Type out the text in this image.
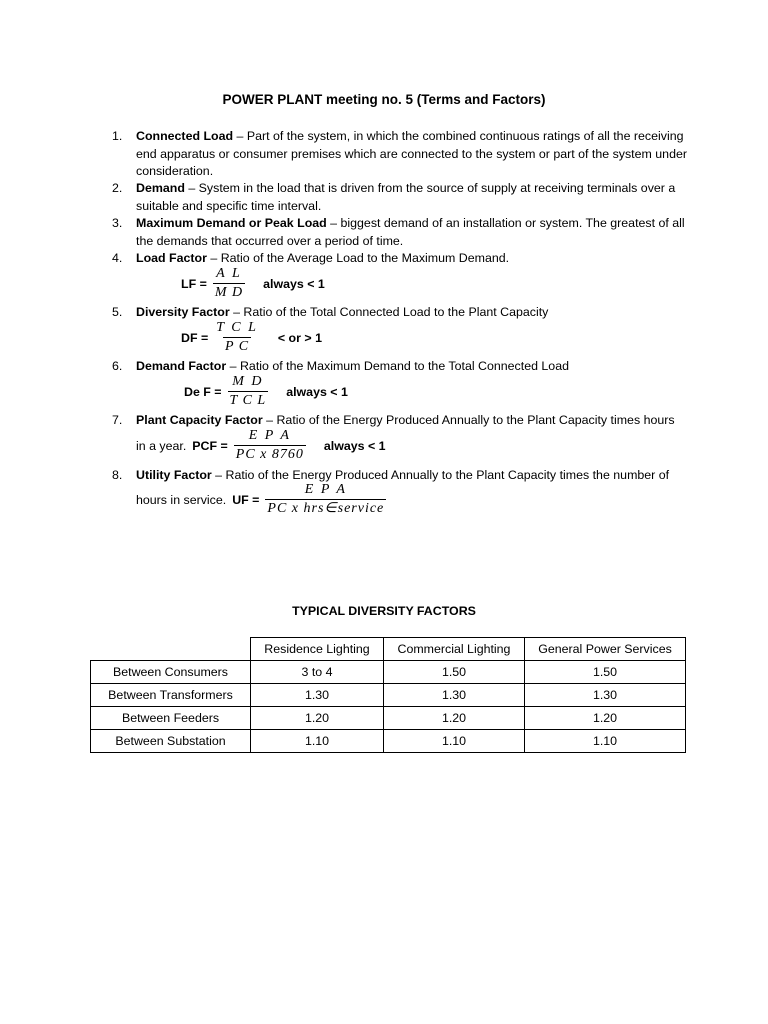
POWER PLANT meeting no. 5 (Terms and Factors)
1.	Connected Load – Part of the system, in which the combined continuous ratings of all the receiving end apparatus or consumer premises which are connected to the system or part of the system under consideration.
2.	Demand – System in the load that is driven from the source of supply at receiving terminals over a suitable and specific time interval.
3.	Maximum Demand or Peak Load – biggest demand of an installation or system. The greatest of all the demands that occurred over a period of time.
4.	Load Factor – Ratio of the Average Load to the Maximum Demand.
LF = $\frac{\text{A L}}{\text{M D}}$ always < 1
5.	Diversity Factor – Ratio of the Total Connected Load to the Plant Capacity
DF = $\frac{\text{T C L}}{\text{P C}}$ < or > 1
6.	Demand Factor – Ratio of the Maximum Demand to the Total Connected Load
De $F = \frac{\text{M D}}{\text{T C L}}$ always < 1
7.	Plant Capacity Factor – Ratio of the Energy Produced Annually to the Plant Capacity times hours
in a year. PCF = $\frac{\text{E P A}}{\text{PC x 8760}}$ always < 1
8.	Utility Factor – Ratio of the Energy Produced Annually to the Plant Capacity times the number of
hours in service. UF = $\frac{\text{E P A}}{\text{PC x hrs∈service}}$
TYPICAL DIVERSITY FACTORS
	Residence Lighting	Commercial Lighting	General Power Services
Between Consumers	3 to 4	1.50	1.50
Between Transformers	1.30	1.30	1.30
Between Feeders	1.20	1.20	1.20
Between Substation	1.10	1.10	1.10
